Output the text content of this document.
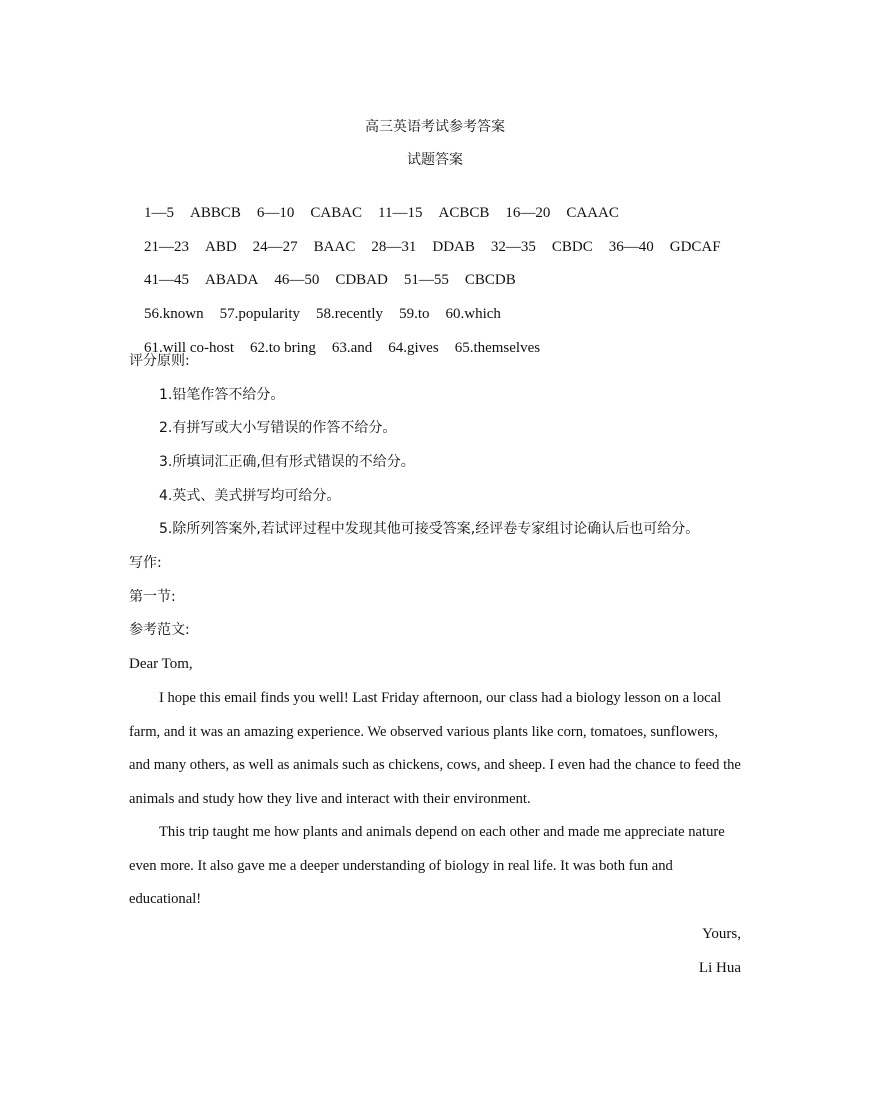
高三英语考试参考答案
试题答案

1—5 ABBCB 6—10 CABAC 11—15 ACBCB 16—20 CAAAC

21—23 ABD 24—27 BAAC 28—31 DDAB 32—35 CBDC 36—40 GDCAF

41—45 ABADA 46—50 CDBAD 51—55 CBCDB

56.known 57.popularity 58.recently 59.to 60.which

61.will co-host 62.to bring 63.and 64.gives 65.themselves

评分原则:
1.铅笔作答不给分。
2.有拼写或大小写错误的作答不给分。
3.所填词汇正确,但有形式错误的不给分。
4.英式、美式拼写均可给分。
5.除所列答案外,若试评过程中发现其他可接受答案,经评卷专家组讨论确认后也可给分。
写作:
第一节:
参考范文:
Dear Tom,
I hope this email finds you well! Last Friday afternoon, our class had a biology lesson on a local farm, and it was an amazing experience. We observed various plants like corn, tomatoes, sunflowers, and many others, as well as animals such as chickens, cows, and sheep. I even had the chance to feed the animals and study how they live and interact with their environment.
This trip taught me how plants and animals depend on each other and made me appreciate nature even more. It also gave me a deeper understanding of biology in real life. It was both fun and educational!
Yours,
Li Hua
